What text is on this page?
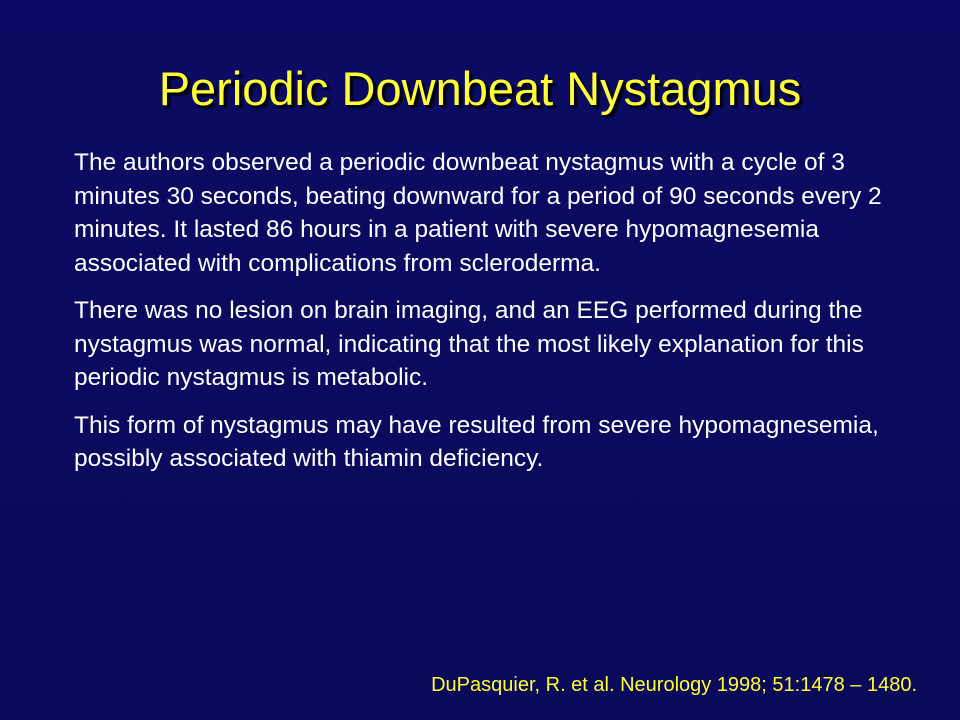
Periodic Downbeat Nystagmus

The authors observed a periodic downbeat nystagmus with a cycle of 3 minutes 30 seconds, beating downward for a period of 90 seconds every 2 minutes. It lasted 86 hours in a patient with severe hypomagnesemia associated with complications from scleroderma.

There was no lesion on brain imaging, and an EEG performed during the nystagmus was normal, indicating that the most likely explanation for this periodic nystagmus is metabolic.

This form of nystagmus may have resulted from severe hypomagnesemia, possibly associated with thiamin deficiency.

DuPasquier, R. et al. Neurology 1998; 51:1478 – 1480.
